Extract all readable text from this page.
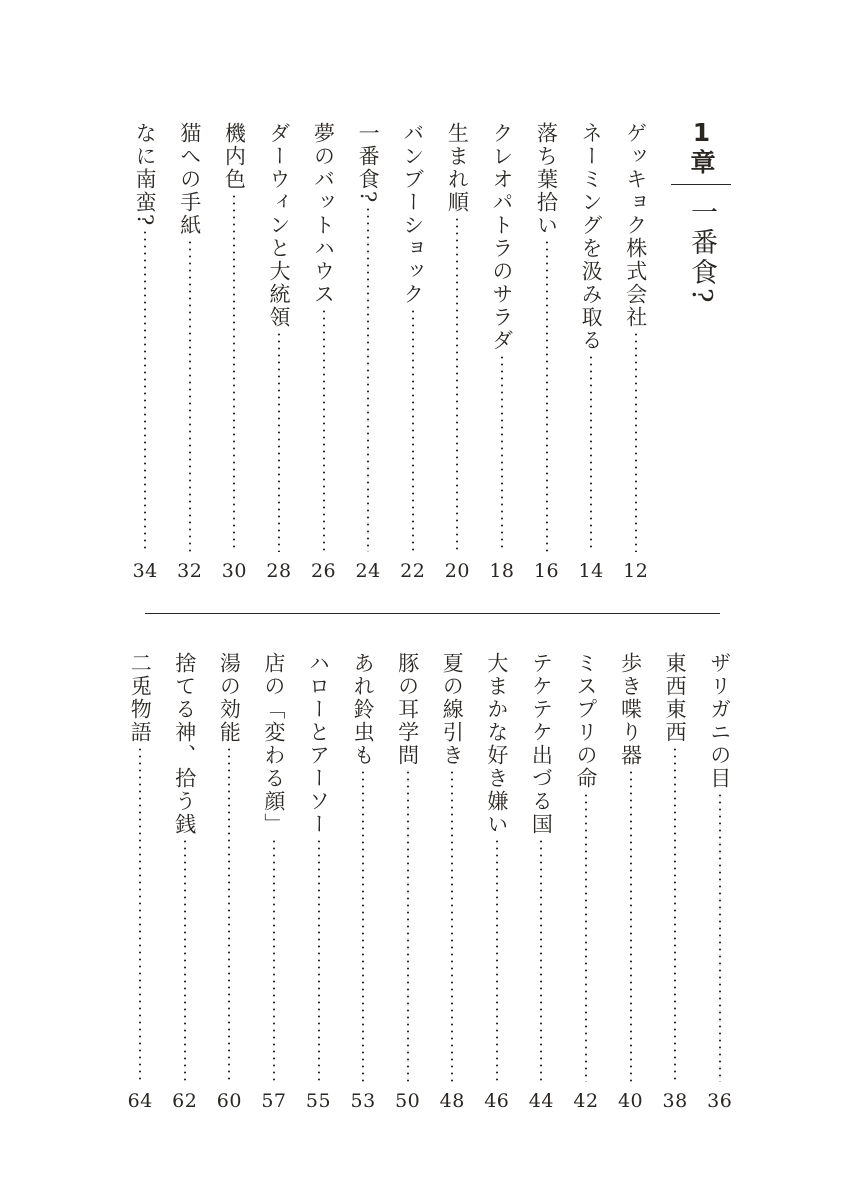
1章
一番食?
ゲッキョク株式会社
12
ネーミングを汲み取る
14
落ち葉拾い
16
クレオパトラのサラダ
18
生まれ順
20
バンブーショック
22
一番食?
24
夢のバットハウス
26
ダーウィンと大統領
28
機内色
30
猫への手紙
32
なに南蛮?
34
ザリガニの目
36
東西東西
38
歩き喋り器
40
ミスプリの命
42
テケテケ出づる国
44
大まかな好き嫌い
46
夏の線引き
48
豚の耳学問
50
あれ鈴虫も
53
ハローとアーソー
55
店の「変わる顔」
57
湯の効能
60
捨てる神、拾う銭
62
二兎物語
64
